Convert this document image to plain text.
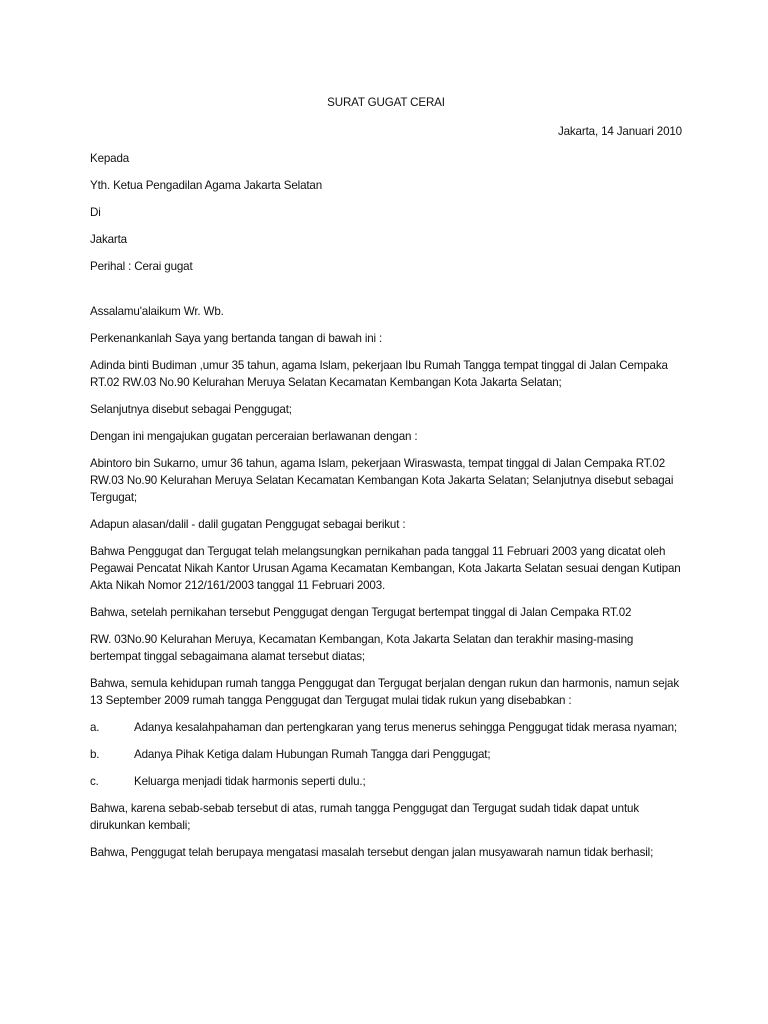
SURAT GUGAT CERAI
Jakarta, 14 Januari 2010

Kepada

Yth. Ketua Pengadilan Agama Jakarta Selatan

Di

Jakarta

Perihal : Cerai gugat

Assalamu'alaikum Wr. Wb.

Perkenankanlah Saya yang bertanda tangan di bawah ini :

Adinda binti Budiman ,umur 35 tahun, agama Islam, pekerjaan Ibu Rumah Tangga tempat tinggal di Jalan Cempaka RT.02 RW.03 No.90 Kelurahan Meruya Selatan Kecamatan Kembangan Kota Jakarta Selatan;

Selanjutnya disebut sebagai Penggugat;

Dengan ini mengajukan gugatan perceraian berlawanan dengan :

Abintoro bin Sukarno, umur 36 tahun, agama Islam, pekerjaan Wiraswasta, tempat tinggal di Jalan Cempaka RT.02 RW.03 No.90 Kelurahan Meruya Selatan Kecamatan Kembangan Kota Jakarta Selatan; Selanjutnya disebut sebagai Tergugat;

Adapun alasan/dalil - dalil gugatan Penggugat sebagai berikut :

Bahwa Penggugat dan Tergugat telah melangsungkan pernikahan pada tanggal 11 Februari 2003 yang dicatat oleh Pegawai Pencatat Nikah Kantor Urusan Agama Kecamatan Kembangan, Kota Jakarta Selatan sesuai dengan Kutipan Akta Nikah Nomor 212/161/2003 tanggal 11 Februari 2003.

Bahwa, setelah pernikahan tersebut Penggugat dengan Tergugat bertempat tinggal di Jalan Cempaka RT.02

RW. 03No.90 Kelurahan Meruya, Kecamatan Kembangan, Kota Jakarta Selatan dan terakhir masing-masing bertempat tinggal sebagaimana alamat tersebut diatas;

Bahwa, semula kehidupan rumah tangga Penggugat dan Tergugat berjalan dengan rukun dan harmonis, namun sejak 13 September 2009 rumah tangga Penggugat dan Tergugat mulai tidak rukun yang disebabkan :

a.	Adanya kesalahpahaman dan pertengkaran yang terus menerus sehingga Penggugat tidak merasa nyaman;
b.	Adanya Pihak Ketiga dalam Hubungan Rumah Tangga dari Penggugat;
c.	Keluarga menjadi tidak harmonis seperti dulu.;

Bahwa, karena sebab-sebab tersebut di atas, rumah tangga Penggugat dan Tergugat sudah tidak dapat untuk dirukunkan kembali;

Bahwa, Penggugat telah berupaya mengatasi masalah tersebut dengan jalan musyawarah namun tidak berhasil;
